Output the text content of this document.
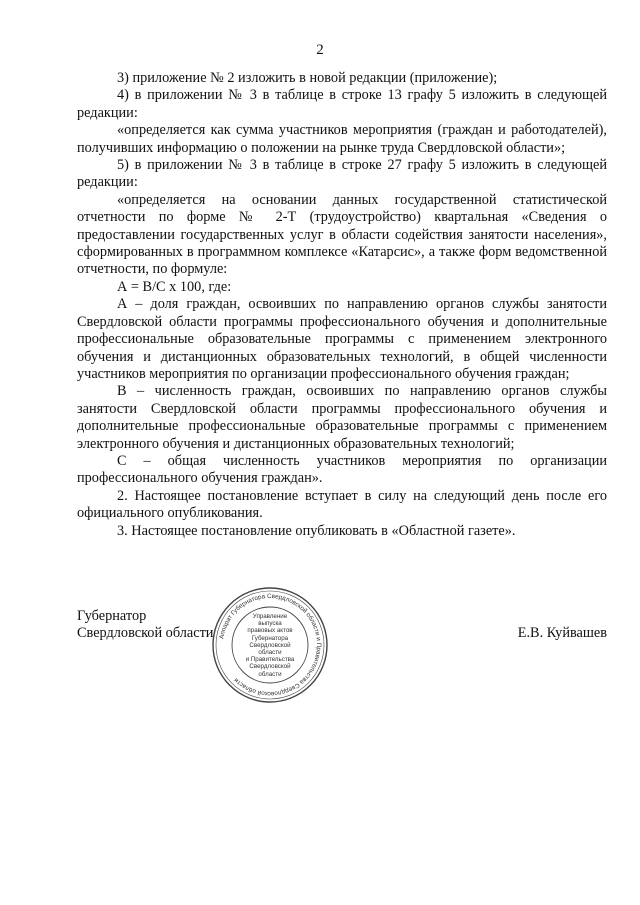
2

3) приложение № 2 изложить в новой редакции (приложение);

4) в приложении № 3 в таблице в строке 13 графу 5 изложить в следующей редакции:

«определяется как сумма участников мероприятия (граждан и работодателей), получивших информацию о положении на рынке труда Свердловской области»;

5) в приложении № 3 в таблице в строке 27 графу 5 изложить в следующей редакции:

«определяется на основании данных государственной статистической отчетности по форме № 2-Т (трудоустройство) квартальная «Сведения о предоставлении государственных услуг в области содействия занятости населения», сформированных в программном комплексе «Катарсис», а также форм ведомственной отчетности, по формуле:

А = В/С х 100, где:

А – доля граждан, освоивших по направлению органов службы занятости Свердловской области программы профессионального обучения и дополнительные профессиональные образовательные программы с применением электронного обучения и дистанционных образовательных технологий, в общей численности участников мероприятия по организации профессионального обучения граждан;

В – численность граждан, освоивших по направлению органов службы занятости Свердловской области программы профессионального обучения и дополнительные профессиональные образовательные программы с применением электронного обучения и дистанционных образовательных технологий;

С – общая численность участников мероприятия по организации профессионального обучения граждан».

2. Настоящее постановление вступает в силу на следующий день после его официального опубликования.

3. Настоящее постановление опубликовать в «Областной газете».

Губернатор
Свердловской области	Е.В. Куйвашев
Аппарат Губернатора Свердловской области и Правительства Свердловской области
Управление
выпуска
правовых актов
Губернатора
Свердловской области
и Правительства
Свердловской
области
